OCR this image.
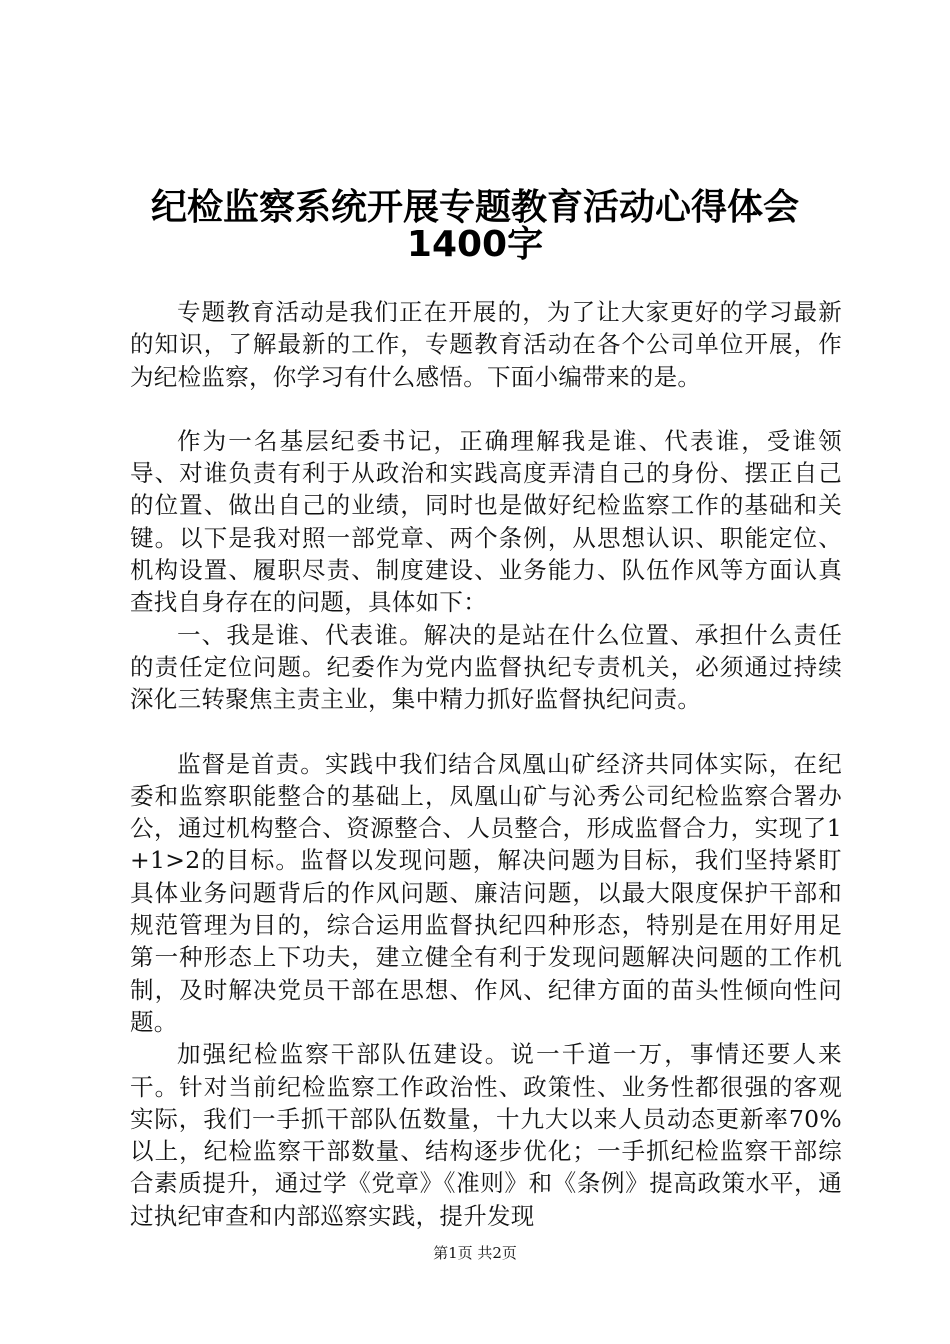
纪检监察系统开展专题教育活动心得体会
1400字

专题教育活动是我们正在开展的，为了让大家更好的学习最新的知识，了解最新的工作，专题教育活动在各个公司单位开展，作为纪检监察，你学习有什么感悟。下面小编带来的是。

作为一名基层纪委书记，正确理解我是谁、代表谁，受谁领导、对谁负责有利于从政治和实践高度弄清自己的身份、摆正自己的位置、做出自己的业绩，同时也是做好纪检监察工作的基础和关键。以下是我对照一部党章、两个条例，从思想认识、职能定位、机构设置、履职尽责、制度建设、业务能力、队伍作风等方面认真查找自身存在的问题，具体如下：

一、我是谁、代表谁。解决的是站在什么位置、承担什么责任的责任定位问题。纪委作为党内监督执纪专责机关，必须通过持续深化三转聚焦主责主业，集中精力抓好监督执纪问责。

监督是首责。实践中我们结合凤凰山矿经济共同体实际，在纪委和监察职能整合的基础上，凤凰山矿与沁秀公司纪检监察合署办公，通过机构整合、资源整合、人员整合，形成监督合力，实现了1+1>2的目标。监督以发现问题，解决问题为目标，我们坚持紧盯具体业务问题背后的作风问题、廉洁问题，以最大限度保护干部和规范管理为目的，综合运用监督执纪四种形态，特别是在用好用足第一种形态上下功夫，建立健全有利于发现问题解决问题的工作机制，及时解决党员干部在思想、作风、纪律方面的苗头性倾向性问题。

加强纪检监察干部队伍建设。说一千道一万，事情还要人来干。针对当前纪检监察工作政治性、政策性、业务性都很强的客观实际，我们一手抓干部队伍数量，十九大以来人员动态更新率70%以上，纪检监察干部数量、结构逐步优化；一手抓纪检监察干部综合素质提升，通过学《党章》《准则》和《条例》提高政策水平，通过执纪审查和内部巡察实践，提升发现

第1页 共2页
